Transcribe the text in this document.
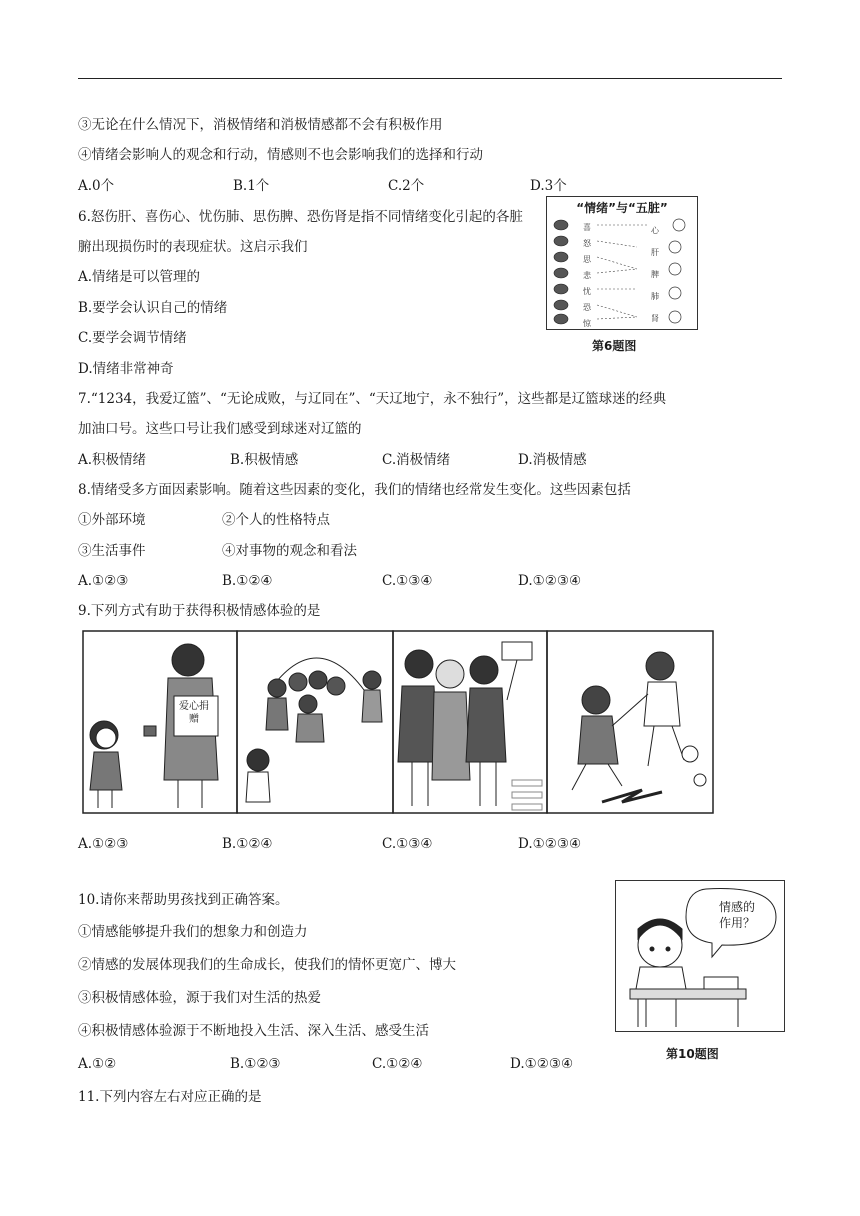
③无论在什么情况下，消极情绪和消极情感都不会有积极作用
④情绪会影响人的观念和行动，情感则不也会影响我们的选择和行动
A.0个	B.1个	C.2个	D.3个
6.怒伤肝、喜伤心、忧伤肺、思伤脾、恐伤肾是指不同情绪变化引起的各脏
腑出现损伤时的表现症状。这启示我们
A.情绪是可以管理的
B.要学会认识自己的情绪
C.要学会调节情绪
D.情绪非常神奇
“情绪”与“五脏”
喜
怒
思
悲
忧
恐
惊
心
肝
脾
肺
肾
第6题图
7.“1234，我爱辽篮”、“无论成败，与辽同在”、“天辽地宁，永不独行”，这些都是辽篮球迷的经典
加油口号。这些口号让我们感受到球迷对辽篮的
A.积极情绪	B.积极情感	C.消极情绪	D.消极情感
8.情绪受多方面因素影响。随着这些因素的变化，我们的情绪也经常发生变化。这些因素包括
①外部环境	②个人的性格特点
③生活事件	④对事物的观念和看法
A.①②③	B.①②④	C.①③④	D.①②③④
9.下列方式有助于获得积极情感体验的是
爱心捐赠
A.①②③	B.①②④	C.①③④	D.①②③④
10.请你来帮助男孩找到正确答案。
①情感能够提升我们的想象力和创造力
②情感的发展体现我们的生命成长，使我们的情怀更宽广、博大
③积极情感体验，源于我们对生活的热爱
④积极情感体验源于不断地投入生活、深入生活、感受生活
A.①②	B.①②③	C.①②④	D.①②③④
情感的
作用？
第10题图
11.下列内容左右对应正确的是
